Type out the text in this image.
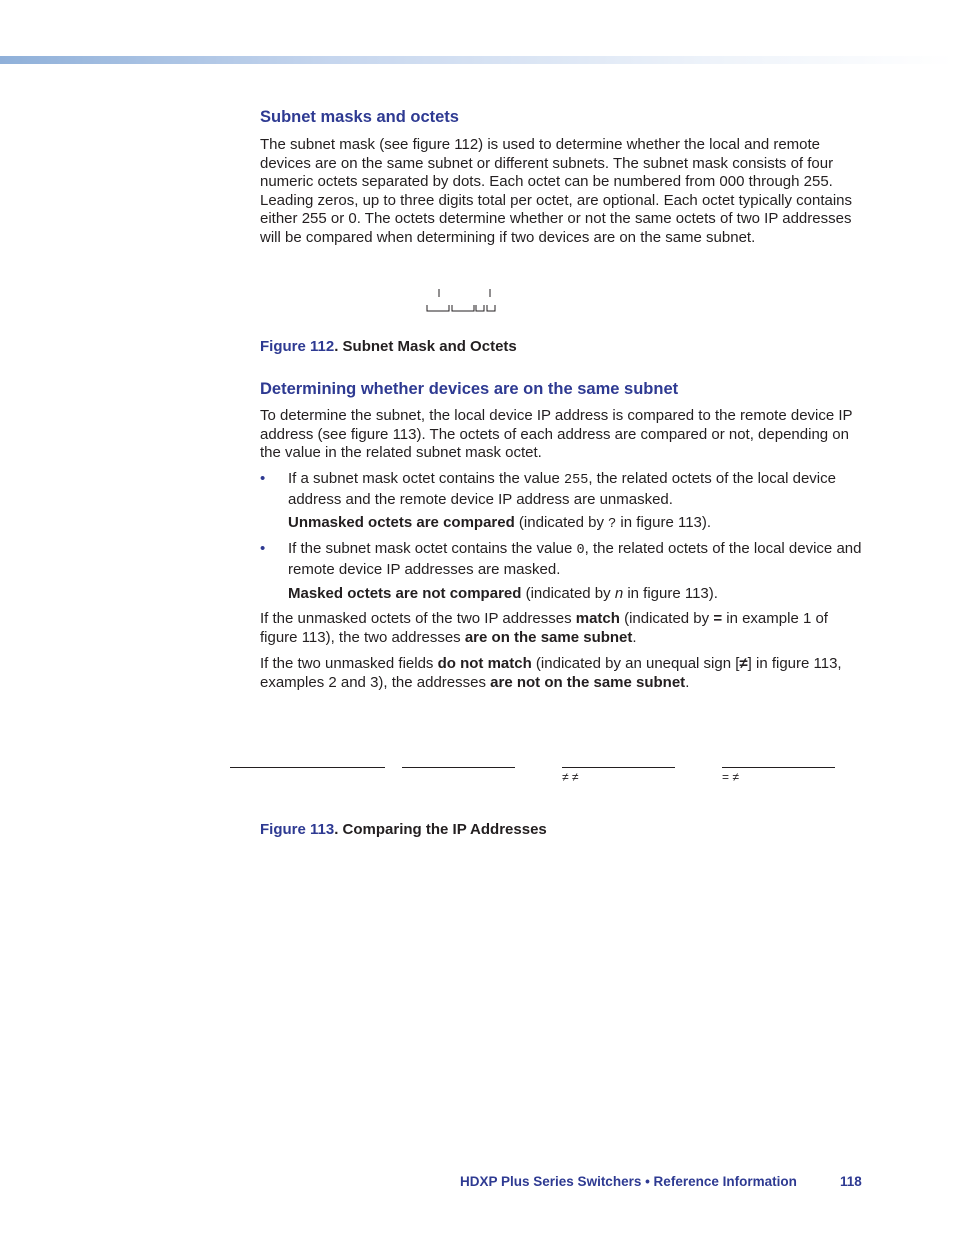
Subnet masks and octets

The subnet mask (see figure 112) is used to determine whether the local and remote devices are on the same subnet or different subnets. The subnet mask consists of four numeric octets separated by dots. Each octet can be numbered from 000 through 255. Leading zeros, up to three digits total per octet, are optional. Each octet typically contains either 255 or 0. The octets determine whether or not the same octets of two IP addresses will be compared when determining if two devices are on the same subnet.

Figure 112. Subnet Mask and Octets

Determining whether devices are on the same subnet

To determine the subnet, the local device IP address is compared to the remote device IP address (see figure 113). The octets of each address are compared or not, depending on the value in the related subnet mask octet.

• If a subnet mask octet contains the value 255, the related octets of the local device address and the remote device IP address are unmasked.

Unmasked octets are compared (indicated by ? in figure 113).

• If the subnet mask octet contains the value 0, the related octets of the local device and remote device IP addresses are masked.

Masked octets are not compared (indicated by n in figure 113).

If the unmasked octets of the two IP addresses match (indicated by = in example 1 of figure 113), the two addresses are on the same subnet.

If the two unmasked fields do not match (indicated by an unequal sign [≠] in figure 113, examples 2 and 3), the addresses are not on the same subnet.

Figure 113. Comparing the IP Addresses

≠ ≠	= ≠
HDXP Plus Series Switchers • Reference Information	118
